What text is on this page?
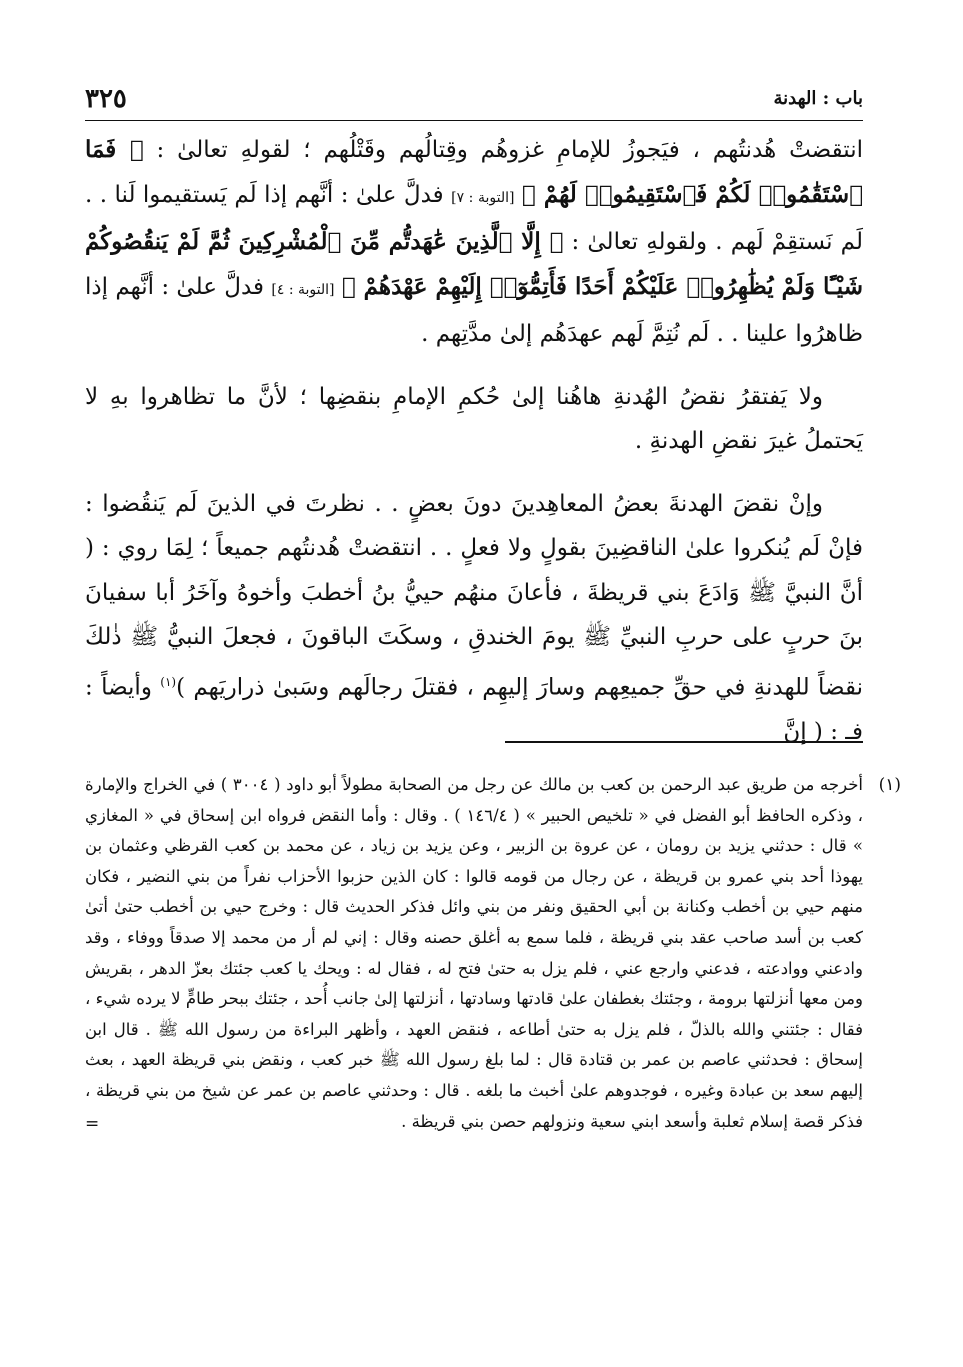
باب : الهدنة
٣٢٥

انتقضتْ هُدنتُهم ، فيَجوزُ للإمامِ غزوهُم وقِتالُهم وقَتْلُهم ؛ لقولهِ تعالىٰ : ﴿ فَمَا ٱسْتَقَٰمُوا۟ لَكُمْ فَٱسْتَقِيمُوا۟ لَهُمْ ﴾ [التوبة : ٧] فدلَّ علىٰ : أنَّهم إذا لَم يَستقيموا لَنا . . لَم نَستقِمْ لَهم . ولقولهِ تعالىٰ : ﴿ إِلَّا ٱلَّذِينَ عَٰهَدتُّم مِّنَ ٱلْمُشْرِكِينَ ثُمَّ لَمْ يَنقُصُوكُمْ شَيْـًٔا وَلَمْ يُظَٰهِرُوا۟ عَلَيْكُمْ أَحَدًا فَأَتِمُّوٓا۟ إِلَيْهِمْ عَهْدَهُمْ ﴾ [التوبة : ٤] فدلَّ علىٰ : أنَّهم إذا ظاهرُوا علينا . . لَم نُتِمَّ لَهم عهدَهُم إلىٰ مدَّتِهم .

ولا يَفتقرُ نقضُ الهُدنةِ هاهُنا إلىٰ حُكمِ الإمامِ بنقضِها ؛ لأنَّ ما تظاهروا بهِ لا يَحتملُ غيرَ نقضِ الهدنةِ .

وإنْ نقضَ الهدنةَ بعضُ المعاهِدينَ دونَ بعضٍ . . نظرتَ في الذينَ لَم يَنقُضوا : فإنْ لَم يُنكروا علىٰ الناقضِينَ بقولٍ ولا فعلٍ . . انتقضتْ هُدنتُهم جميعاً ؛ لِمَا روي : ( أنَّ النبيَّ ﷺ وَادَعَ بني قريظةَ ، فأعانَ منهُم حييُّ بنُ أخطبَ وأخوهُ وآخَرُ أبا سفيانَ بنَ حربٍ على حربِ النبيِّ ﷺ يومَ الخندقِ ، وسكَتَ الباقونَ ، فجعلَ النبيُّ ﷺ ذٰلكَ نقضاً للهدنةِ في حقِّ جميعِهم وسارَ إليهِم ، فقتلَ رجالَهم وسَبىٰ ذراريَهم )$^{(١)}$ وأيضاً : فـ : ( إنَّ

(١)

أخرجه من طريق عبد الرحمن بن كعب بن مالك عن رجل من الصحابة مطولاً أبو داود ( ٣٠٠٤ ) في الخراج والإمارة ، وذكره الحافظ أبو الفضل في « تلخيص الحبير » ( ١٤٦/٤ ) . وقال : وأما النقض فرواه ابن إسحاق في « المغازي » قال : حدثني يزيد بن رومان ، عن عروة بن الزبير ، وعن يزيد بن زياد ، عن محمد بن كعب القرظي وعثمان بن يهوذا أحد بني عمرو بن قريظة ، عن رجال من قومه قالوا : كان الذين حزبوا الأحزاب نفراً من بني النضير ، فكان منهم حيي بن أخطب وكنانة بن أبي الحقيق ونفر من بني وائل فذكر الحديث قال : وخرج حيي بن أخطب حتىٰ أتىٰ كعب بن أسد صاحب عقد بني قريظة ، فلما سمع به أغلق حصنه وقال : إني لم أر من محمد إلا صدقاً ووفاء ، وقد وادعني ووادعته ، فدعني وارجع عني ، فلم يزل به حتىٰ فتح له ، فقال له : ويحك يا كعب جئتك بعزّ الدهر ، بقريش ومن معها أنزلتها برومة ، وجئتك بغطفان علىٰ قادتها وسادتها ، أنزلتها إلىٰ جانب أُحد ، جئتك ببحر طامٍّ لا يرده شيء ، فقال : جئتني والله بالذلّ ، فلم يزل به حتىٰ أطاعه ، فنقض العهد ، وأظهر البراءة من رسول الله ﷺ . قال ابن إسحاق : فحدثني عاصم بن عمر بن قتادة قال : لما بلغ رسول الله ﷺ خبر كعب ، ونقض بني قريظة العهد ، بعث إليهم سعد بن عبادة وغيره ، فوجدوهم علىٰ أخبث ما بلغه . قال : وحدثني عاصم بن عمر عن شيخ من بني قريظة ، فذكر قصة إسلام ثعلبة وأسعد ابني سعية ونزولهم حصن بني قريظة .

=
